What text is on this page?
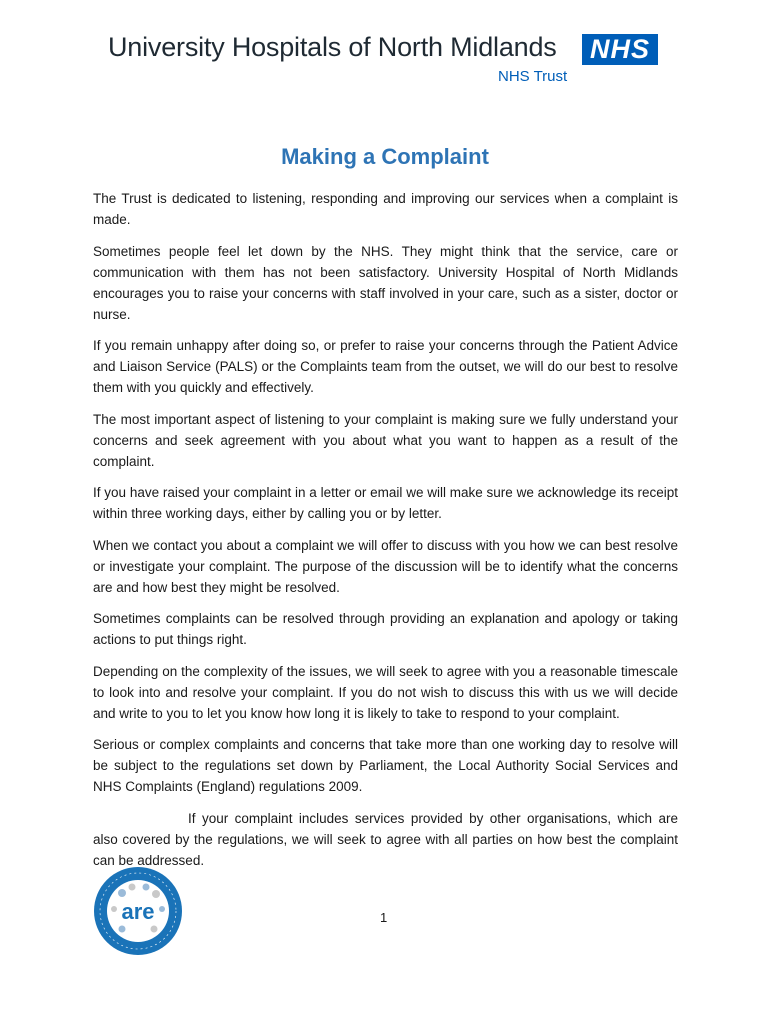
University Hospitals of North Midlands NHS
NHS Trust
Making a Complaint

The Trust is dedicated to listening, responding and improving our services when a complaint is made.

Sometimes people feel let down by the NHS. They might think that the service, care or communication with them has not been satisfactory. University Hospital of North Midlands encourages you to raise your concerns with staff involved in your care, such as a sister, doctor or nurse.

If you remain unhappy after doing so, or prefer to raise your concerns through the Patient Advice and Liaison Service (PALS) or the Complaints team from the outset, we will do our best to resolve them with you quickly and effectively.

The most important aspect of listening to your complaint is making sure we fully understand your concerns and seek agreement with you about what you want to happen as a result of the complaint.

If you have raised your complaint in a letter or email we will make sure we acknowledge its receipt within three working days, either by calling you or by letter.

When we contact you about a complaint we will offer to discuss with you how we can best resolve or investigate your complaint. The purpose of the discussion will be to identify what the concerns are and how best they might be resolved.

Sometimes complaints can be resolved through providing an explanation and apology or taking actions to put things right.

Depending on the complexity of the issues, we will seek to agree with you a reasonable timescale to look into and resolve your complaint. If you do not wish to discuss this with us we will decide and write to you to let you know how long it is likely to take to respond to your complaint.

Serious or complex complaints and concerns that take more than one working day to resolve will be subject to the regulations set down by Parliament, the Local Authority Social Services and NHS Complaints (England) regulations 2009.

If your complaint includes services provided by other organisations, which are also covered by the regulations, we will seek to agree with all parties on how best the complaint can be addressed.

are	1
